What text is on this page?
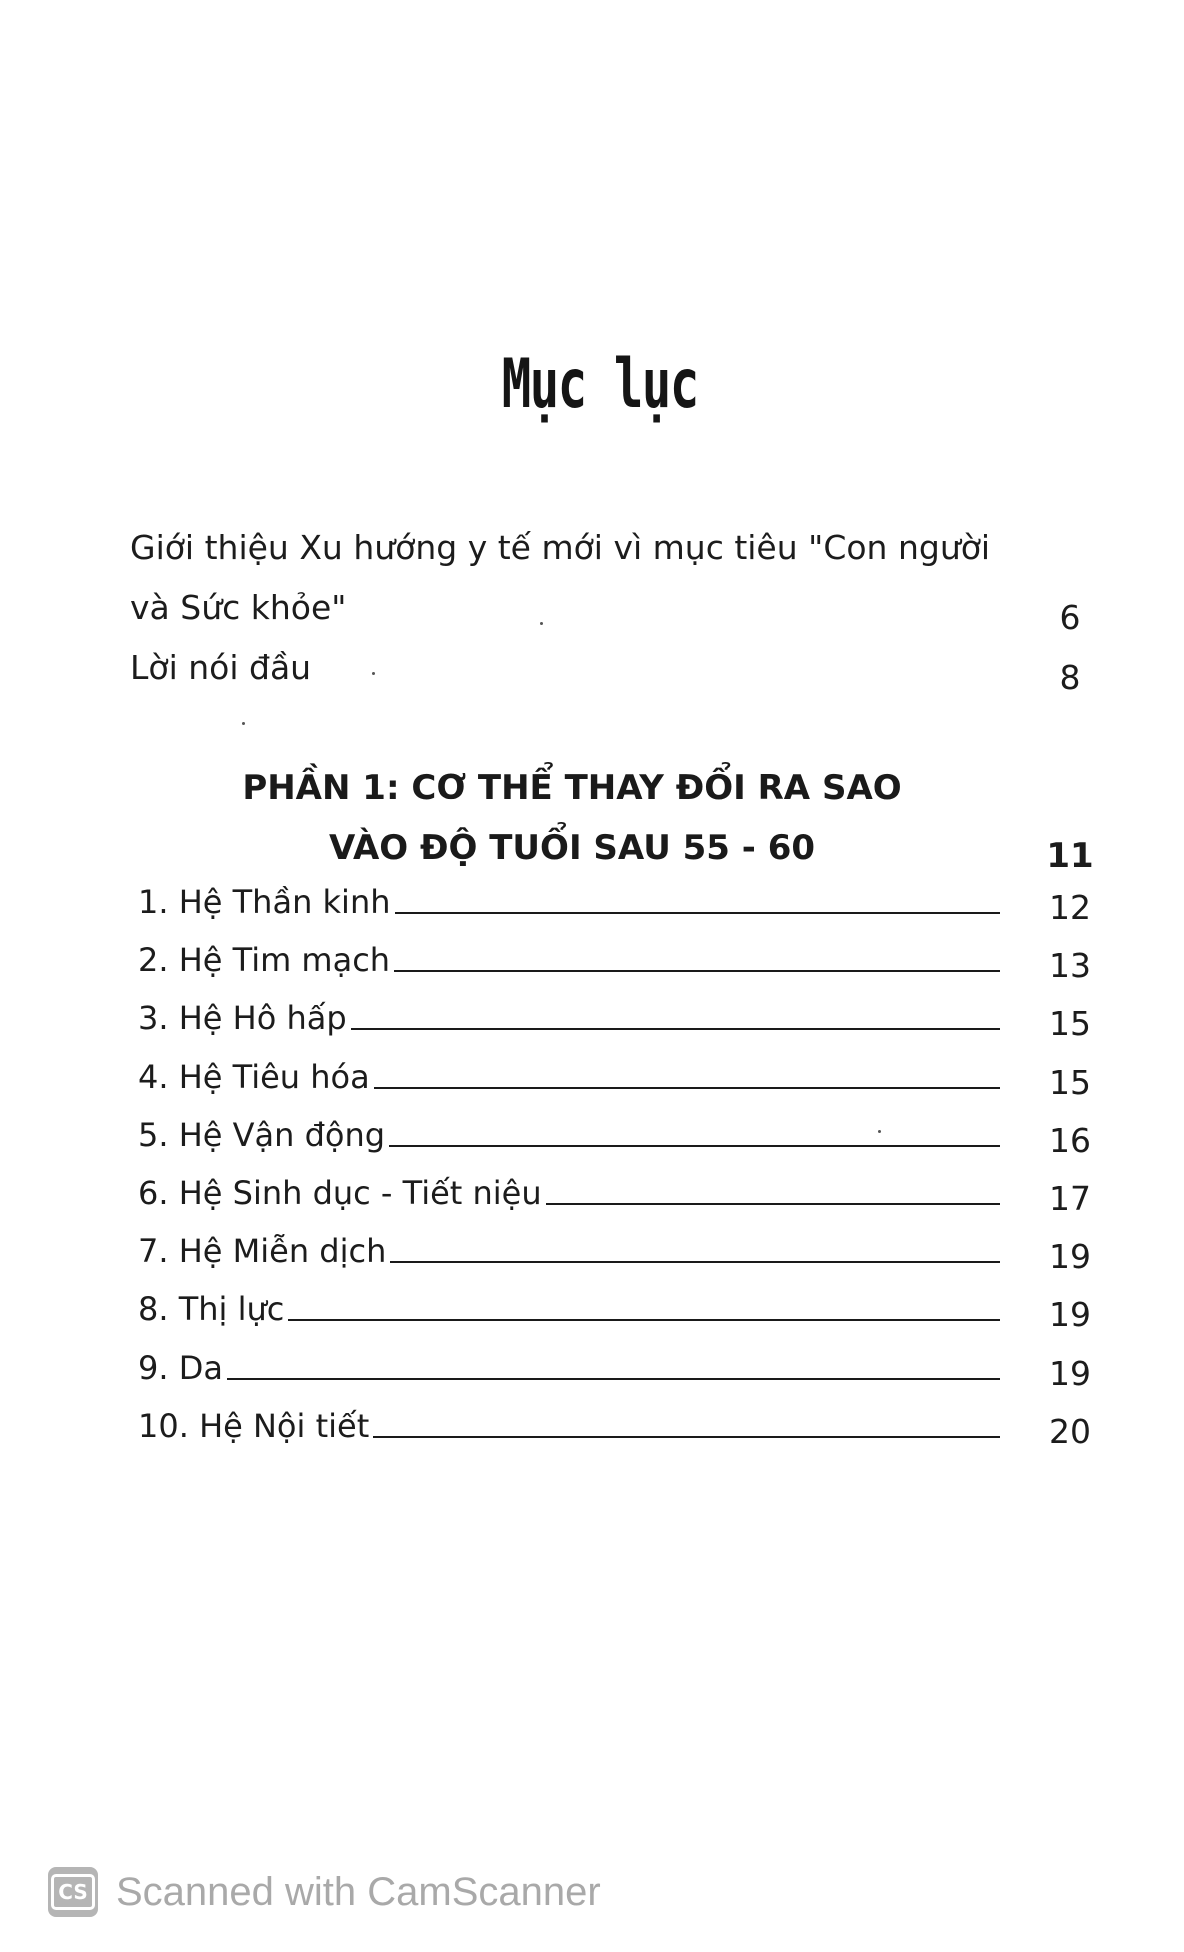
Mục lục
Giới thiệu Xu hướng y tế mới vì mục tiêu "Con người
và Sức khỏe"	6
Lời nói đầu	8
PHẦN 1: CƠ THỂ THAY ĐỔI RA SAO
VÀO ĐỘ TUỔI SAU 55 - 60	11
1. Hệ Thần kinh	12
2. Hệ Tim mạch	13
3. Hệ Hô hấp	15
4. Hệ Tiêu hóa	15
5. Hệ Vận động	16
6. Hệ Sinh dục - Tiết niệu	17
7. Hệ Miễn dịch	19
8. Thị lực	19
9. Da	19
10. Hệ Nội tiết	20
CS Scanned with CamScanner
